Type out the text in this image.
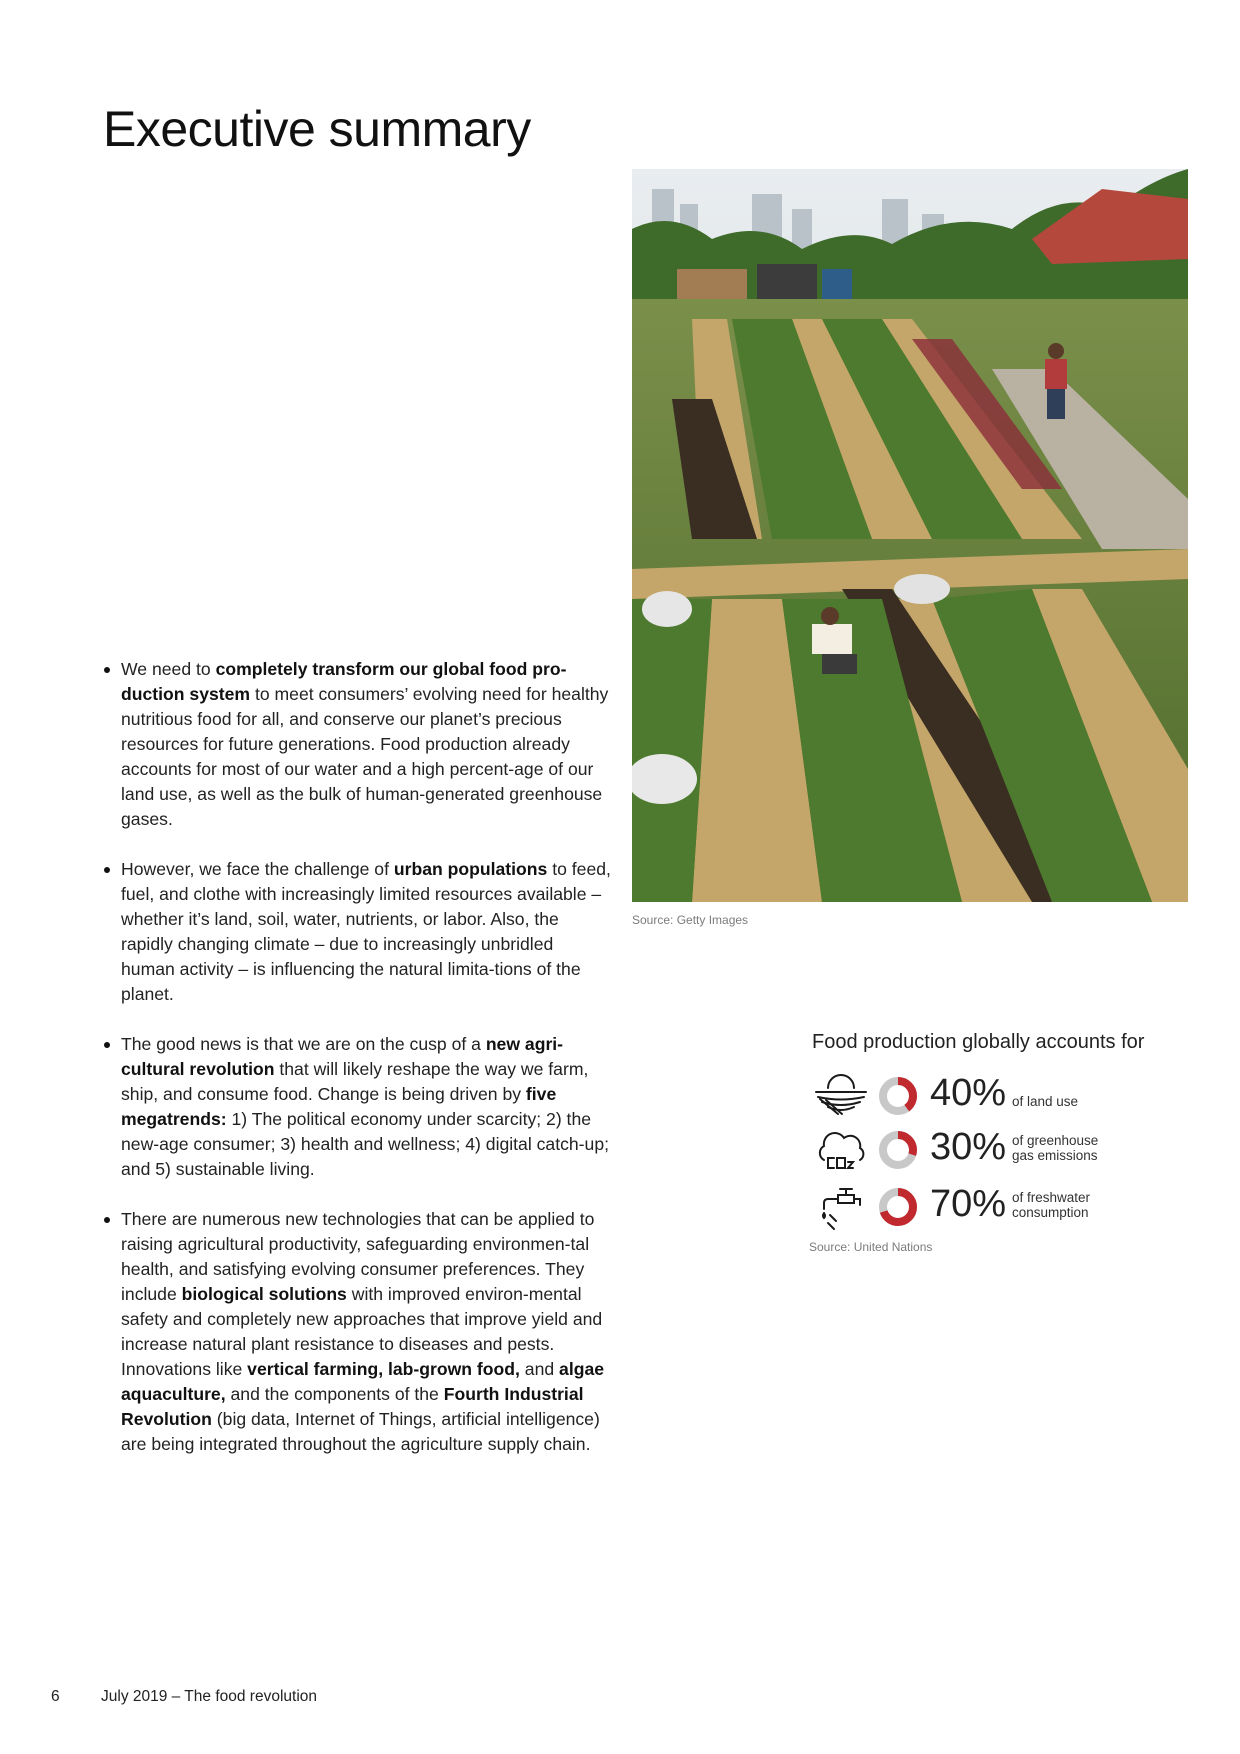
Executive summary
We need to completely transform our global food pro-duction system to meet consumers’ evolving need for healthy nutritious food for all, and conserve our planet’s precious resources for future generations. Food production already accounts for most of our water and a high percent-age of our land use, as well as the bulk of human-generated greenhouse gases.
However, we face the challenge of urban populations to feed, fuel, and clothe with increasingly limited resources available – whether it’s land, soil, water, nutrients, or labor. Also, the rapidly changing climate – due to increasingly unbridled human activity – is influencing the natural limita-tions of the planet.
The good news is that we are on the cusp of a new agri-cultural revolution that will likely reshape the way we farm, ship, and consume food. Change is being driven by five megatrends: 1) The political economy under scarcity; 2) the new-age consumer; 3) health and wellness; 4) digital catch-up; and 5) sustainable living.
There are numerous new technologies that can be applied to raising agricultural productivity, safeguarding environmen-tal health, and satisfying evolving consumer preferences. They include biological solutions with improved environ-mental safety and completely new approaches that improve yield and increase natural plant resistance to diseases and pests. Innovations like vertical farming, lab-grown food, and algae aquaculture, and the components of the Fourth Industrial Revolution (big data, Internet of Things, artificial intelligence) are being integrated throughout the agriculture supply chain.
Source: Getty Images
Food production globally accounts for
40% of land use

30% of greenhouse
gas emissions
70% of freshwater
consumption
Source: United Nations
6	July 2019 – The food revolution
